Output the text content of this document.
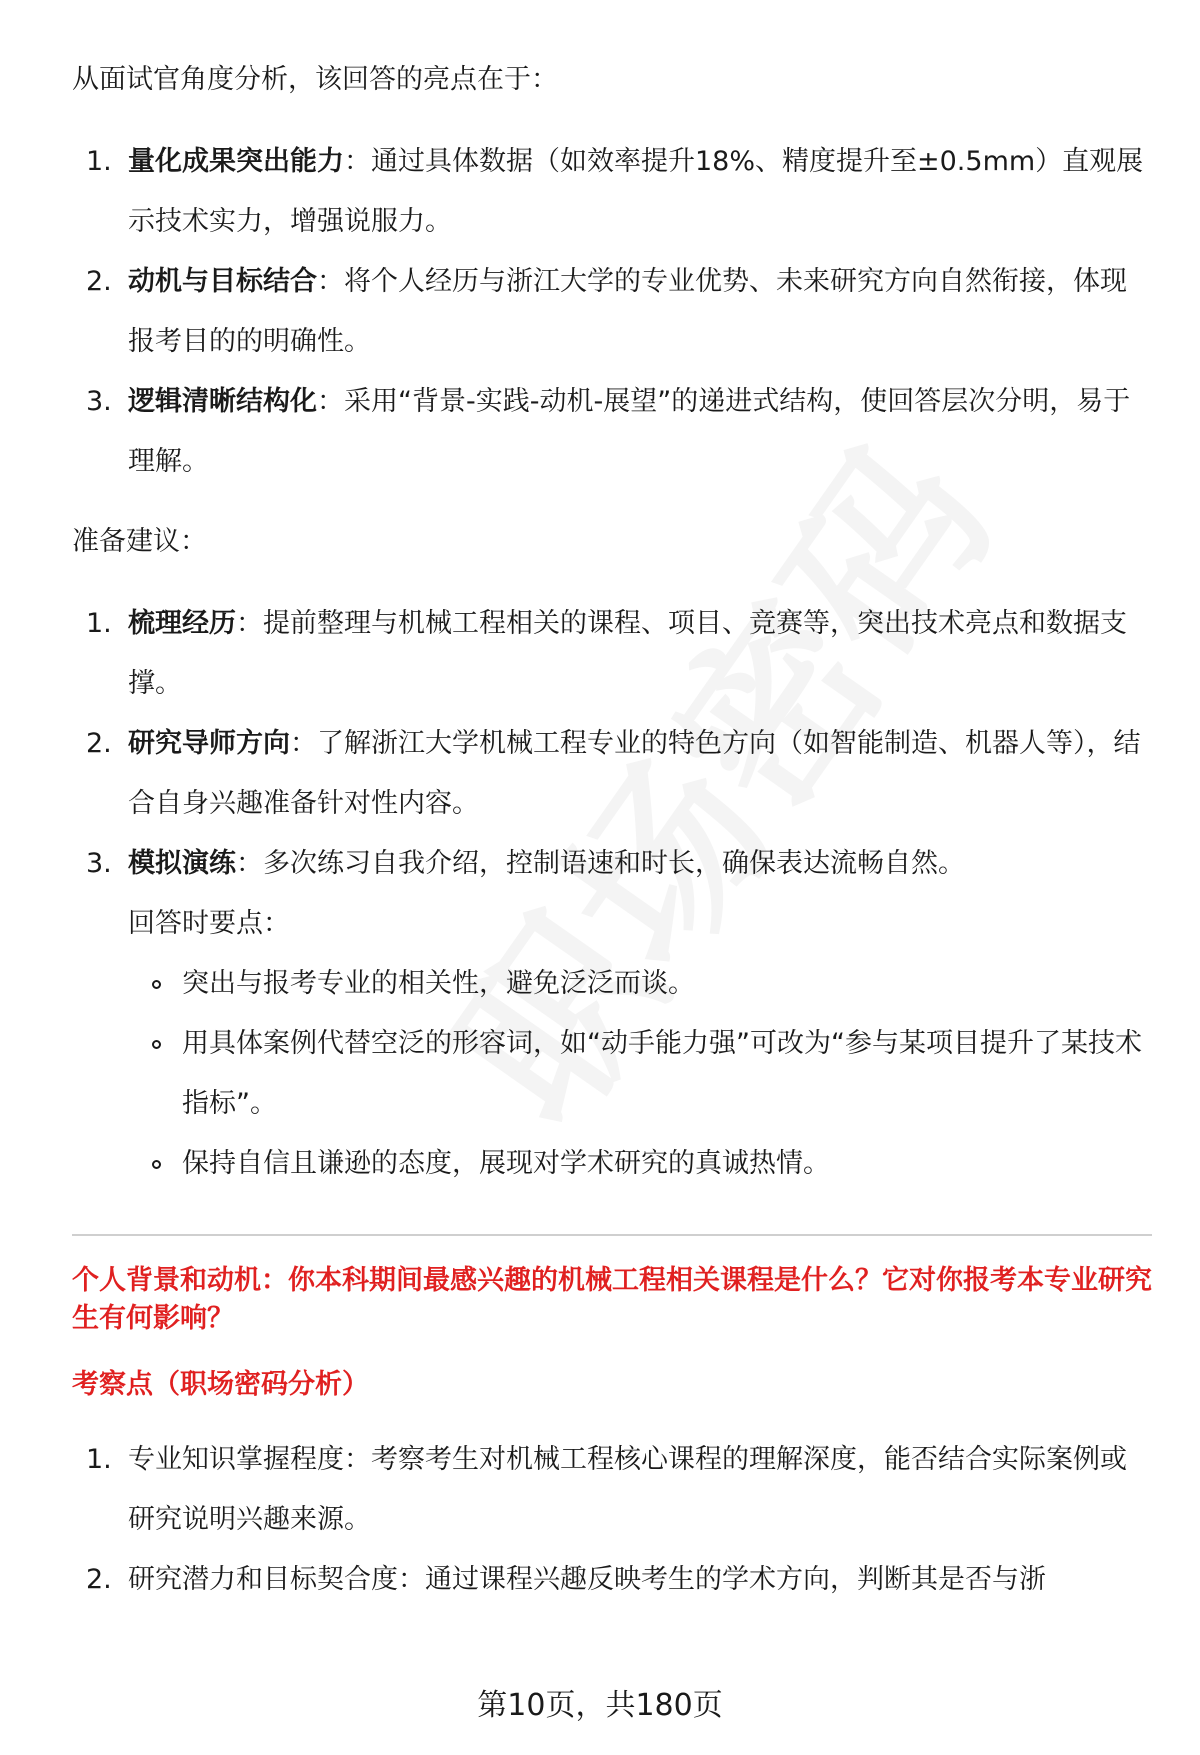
从面试官角度分析，该回答的亮点在于：

1. 量化成果突出能力：通过具体数据（如效率提升18%、精度提升至±0.5mm）直观展示技术实力，增强说服力。
2. 动机与目标结合：将个人经历与浙江大学的专业优势、未来研究方向自然衔接，体现报考目的的明确性。
3. 逻辑清晰结构化：采用“背景-实践-动机-展望”的递进式结构，使回答层次分明，易于理解。

准备建议：

1. 梳理经历：提前整理与机械工程相关的课程、项目、竞赛等，突出技术亮点和数据支撑。
2. 研究导师方向：了解浙江大学机械工程专业的特色方向（如智能制造、机器人等），结合自身兴趣准备针对性内容。
3. 模拟演练：多次练习自我介绍，控制语速和时长，确保表达流畅自然。

回答时要点：

突出与报考专业的相关性，避免泛泛而谈。
用具体案例代替空泛的形容词，如“动手能力强”可改为“参与某项目提升了某技术指标”。
保持自信且谦逊的态度，展现对学术研究的真诚热情。

个人背景和动机：你本科期间最感兴趣的机械工程相关课程是什么？它对你报考本专业研究生有何影响？

考察点（职场密码分析）

1. 专业知识掌握程度：考察考生对机械工程核心课程的理解深度，能否结合实际案例或研究说明兴趣来源。
2. 研究潜力和目标契合度：通过课程兴趣反映考生的学术方向，判断其是否与浙
第10页，共180页
